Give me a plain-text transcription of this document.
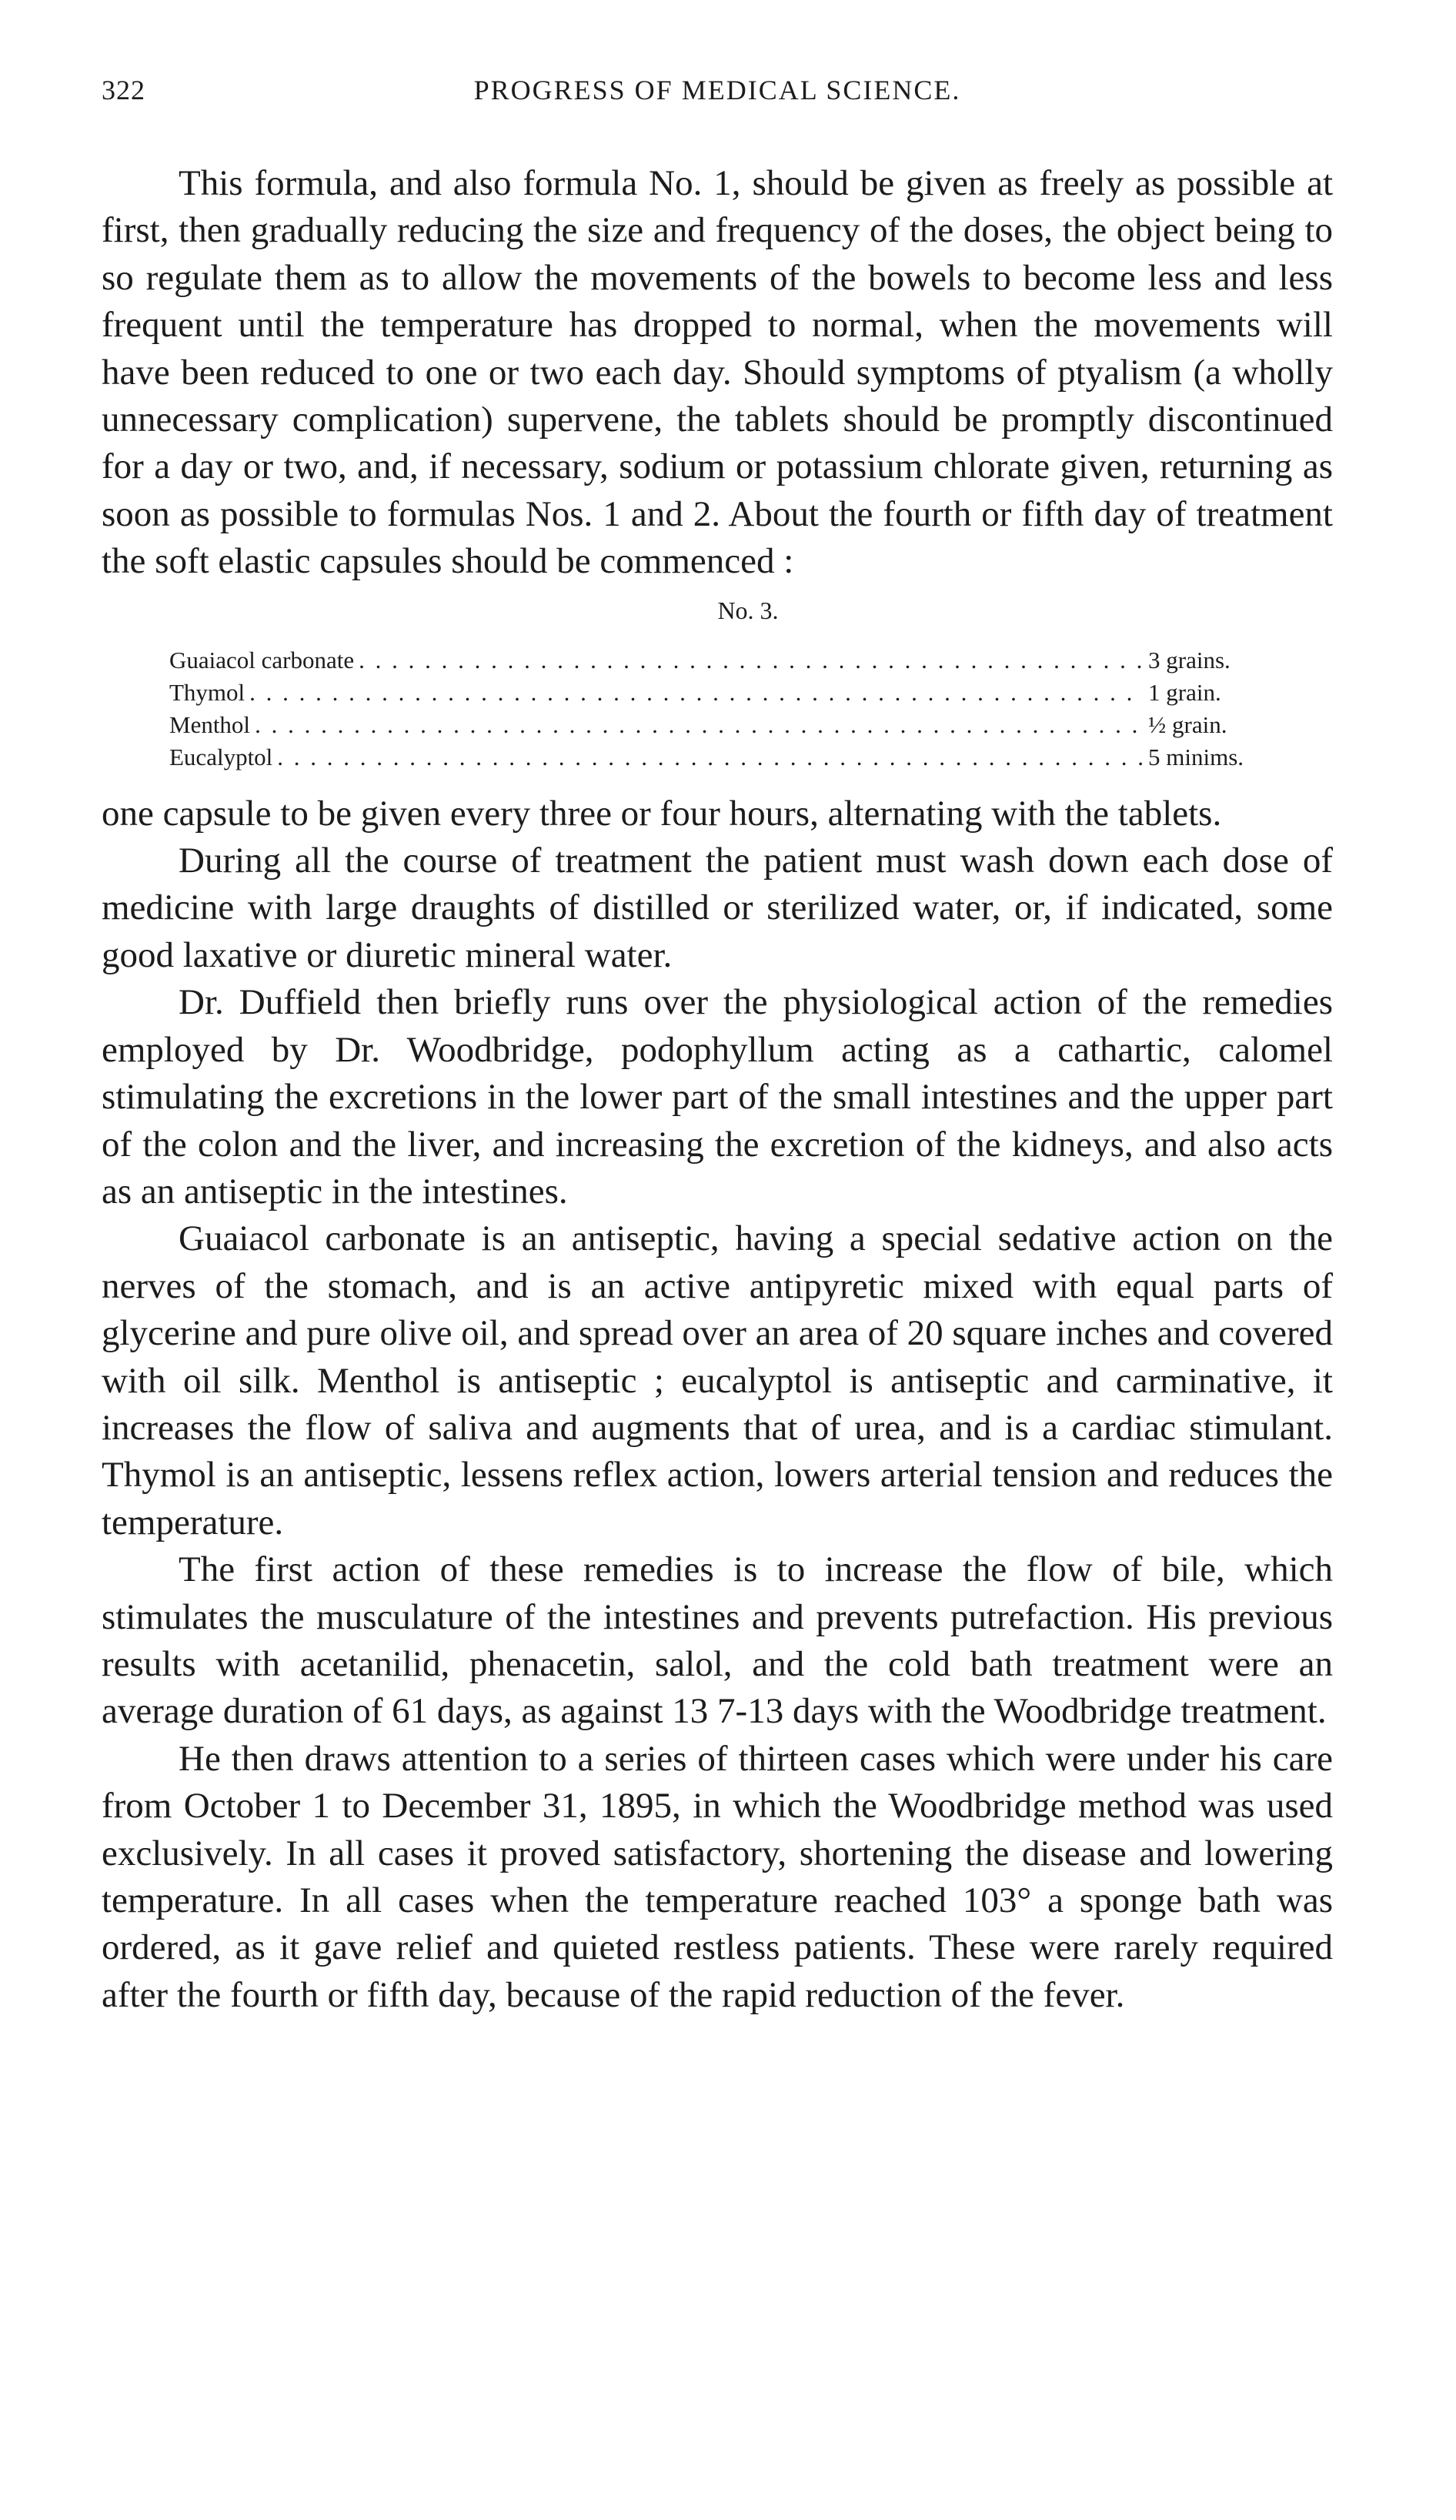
322	PROGRESS OF MEDICAL SCIENCE.

This formula, and also formula No. 1, should be given as freely as possible at first, then gradually reducing the size and frequency of the doses, the object being to so regulate them as to allow the movements of the bowels to become less and less frequent until the temperature has dropped to normal, when the movements will have been reduced to one or two each day. Should symptoms of ptyalism (a wholly unnecessary complication) supervene, the tablets should be promptly discontinued for a day or two, and, if necessary, sodium or potassium chlorate given, returning as soon as possible to formulas Nos. 1 and 2. About the fourth or fifth day of treatment the soft elastic capsules should be commenced :

No. 3.
Guaiacol carbonate . . .	3 grains.
Thymol . . .	1 grain.
Menthol . . .	½ grain.
Eucalyptol . . .	5 minims.

one capsule to be given every three or four hours, alternating with the tablets.

During all the course of treatment the patient must wash down each dose of medicine with large draughts of distilled or sterilized water, or, if indicated, some good laxative or diuretic mineral water.

Dr. Duffield then briefly runs over the physiological action of the remedies employed by Dr. Woodbridge, podophyllum acting as a cathartic, calomel stimulating the excretions in the lower part of the small intestines and the upper part of the colon and the liver, and increasing the excretion of the kidneys, and also acts as an antiseptic in the intestines.

Guaiacol carbonate is an antiseptic, having a special sedative action on the nerves of the stomach, and is an active antipyretic mixed with equal parts of glycerine and pure olive oil, and spread over an area of 20 square inches and covered with oil silk. Menthol is antiseptic ; eucalyptol is antiseptic and carminative, it increases the flow of saliva and augments that of urea, and is a cardiac stimulant. Thymol is an antiseptic, lessens reflex action, lowers arterial tension and reduces the temperature.

The first action of these remedies is to increase the flow of bile, which stimulates the musculature of the intestines and prevents putrefaction. His previous results with acetanilid, phenacetin, salol, and the cold bath treatment were an average duration of 61 days, as against 13 7-13 days with the Woodbridge treatment.

He then draws attention to a series of thirteen cases which were under his care from October 1 to December 31, 1895, in which the Woodbridge method was used exclusively. In all cases it proved satisfactory, shortening the disease and lowering temperature. In all cases when the temperature reached 103° a sponge bath was ordered, as it gave relief and quieted restless patients. These were rarely required after the fourth or fifth day, because of the rapid reduction of the fever.
